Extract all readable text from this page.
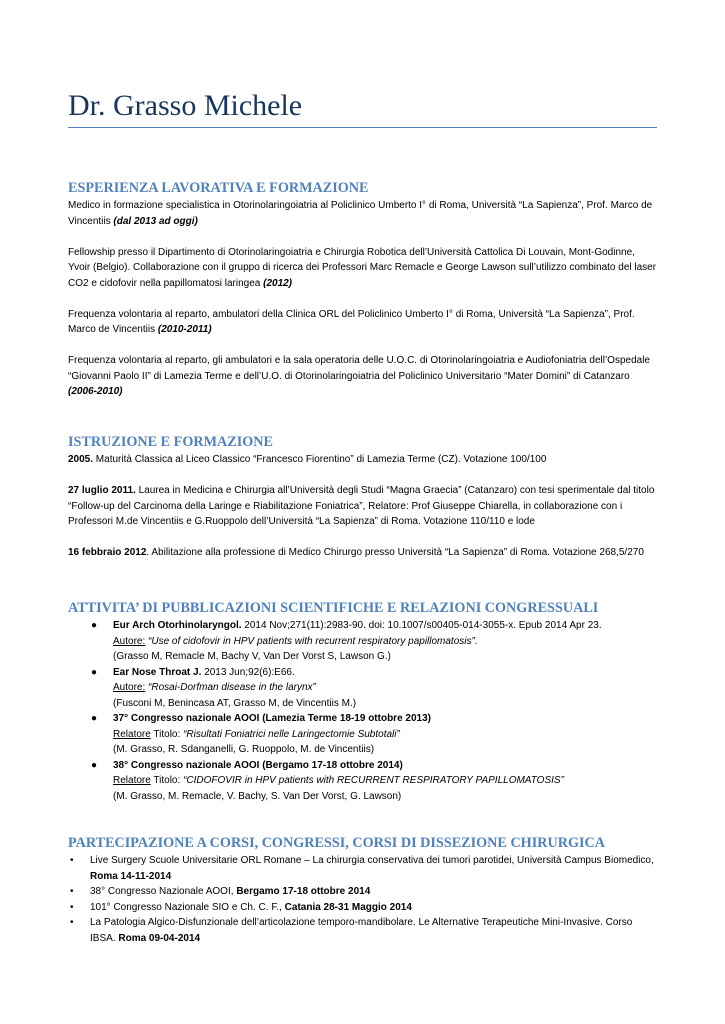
Dr. Grasso Michele
ESPERIENZA LAVORATIVA E FORMAZIONE

Medico in formazione specialistica in Otorinolaringoiatria al Policlinico Umberto I° di Roma, Università “La Sapienza”, Prof. Marco de Vincentiis (dal 2013 ad oggi)

Fellowship presso il Dipartimento di Otorinolaringoiatria e Chirurgia Robotica dell’Università Cattolica Di Louvain, Mont-Godinne, Yvoir (Belgio). Collaborazione con il gruppo di ricerca dei Professori Marc Remacle e George Lawson sull’utilizzo combinato del laser CO2 e cidofovir nella papillomatosi laringea (2012)

Frequenza volontaria al reparto, ambulatori della Clinica ORL del Policlinico Umberto I° di Roma, Università “La Sapienza”, Prof. Marco de Vincentiis (2010-2011)

Frequenza volontaria al reparto, gli ambulatori e la sala operatoria delle U.O.C. di Otorinolaringoiatria e Audiofoniatria dell’Ospedale “Giovanni Paolo II” di Lamezia Terme e dell’U.O. di Otorinolaringoiatria del Policlinico Universitario “Mater Domini” di Catanzaro (2006-2010)

ISTRUZIONE E FORMAZIONE

2005. Maturità Classica al Liceo Classico “Francesco Fiorentino” di Lamezia Terme (CZ). Votazione 100/100

27 luglio 2011. Laurea in Medicina e Chirurgia all’Università degli Studi “Magna Graecia” (Catanzaro) con tesi sperimentale dal titolo “Follow-up del Carcinoma della Laringe e Riabilitazione Foniatrica”, Relatore: Prof Giuseppe Chiarella, in collaborazione con i Professori M.de Vincentiis e G.Ruoppolo dell’Università “La Sapienza” di Roma. Votazione 110/110 e lode

16 febbraio 2012. Abilitazione alla professione di Medico Chirurgo presso Università “La Sapienza” di Roma. Votazione 268,5/270

ATTIVITA’ DI PUBBLICAZIONI SCIENTIFICHE E RELAZIONI CONGRESSUALI
● Eur Arch Otorhinolaryngol. 2014 Nov;271(11):2983-90. doi: 10.1007/s00405-014-3055-x. Epub 2014 Apr 23.
Autore: “Use of cidofovir in HPV patients with recurrent respiratory papillomatosis”.
(Grasso M, Remacle M, Bachy V, Van Der Vorst S, Lawson G.)
● Ear Nose Throat J. 2013 Jun;92(6):E66.
Autore: “Rosai-Dorfman disease in the larynx”
(Fusconi M, Benincasa AT, Grasso M, de Vincentiis M.)
● 37° Congresso nazionale AOOI (Lamezia Terme 18-19 ottobre 2013)
Relatore Titolo: “Risultati Foniatrici nelle Laringectomie Subtotali”
(M. Grasso, R. Sdanganelli, G. Ruoppolo, M. de Vincentiis)
● 38° Congresso nazionale AOOI (Bergamo 17-18 ottobre 2014)
Relatore Titolo: “CIDOFOVIR in HPV patients with RECURRENT RESPIRATORY PAPILLOMATOSIS”
(M. Grasso, M. Remacle, V. Bachy, S. Van Der Vorst, G. Lawson)
PARTECIPAZIONE A CORSI, CONGRESSI, CORSI DI DISSEZIONE CHIRURGICA
• Live Surgery Scuole Universitarie ORL Romane – La chirurgia conservativa dei tumori parotidei, Università Campus Biomedico, Roma 14-11-2014
• 38° Congresso Nazionale AOOI, Bergamo 17-18 ottobre 2014
• 101° Congresso Nazionale SIO e Ch. C. F., Catania 28-31 Maggio 2014
• La Patologia Algico-Disfunzionale dell’articolazione temporo-mandibolare. Le Alternative Terapeutiche Mini-Invasive. Corso IBSA. Roma 09-04-2014
